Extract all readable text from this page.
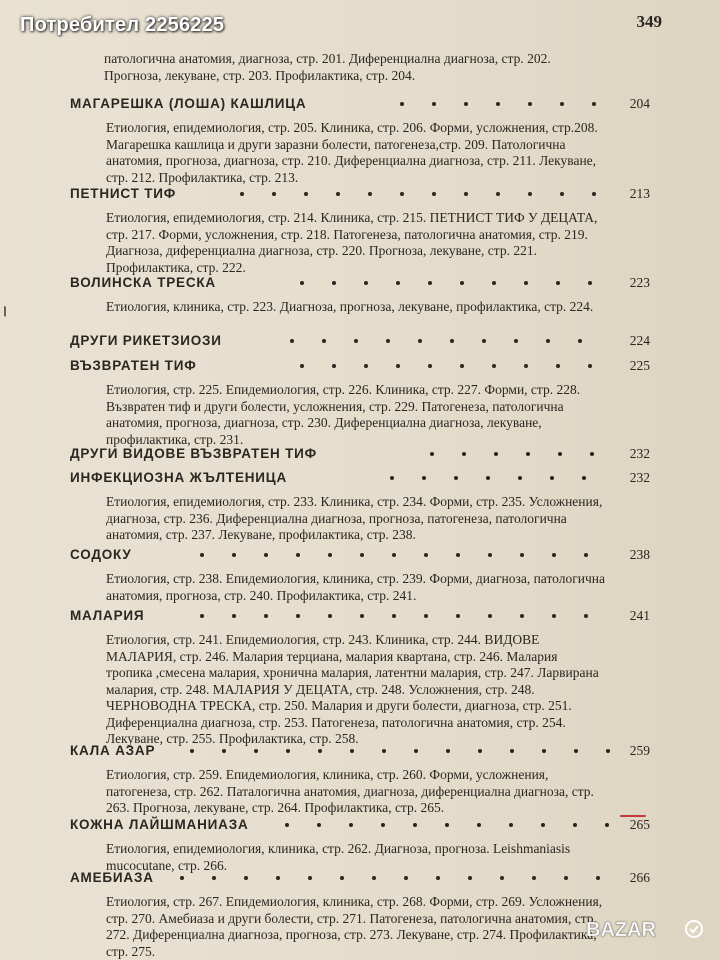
Потребител 2256225	349
патологична анатомия, диагноза, стр. 201. Диференциална диагноза, стр. 202. Прогноза, лекуване, стр. 203. Профилактика, стр. 204.
МАГАРЕШКА (ЛОША) КАШЛИЦА	204
Етиология, епидемиология, стр. 205. Клиника, стр. 206. Форми, усложнения, стр.208. Магарешка кашлица и други заразни болести, патогенеза,стр. 209. Патологична анатомия, прогноза, диагноза, стр. 210. Диференциална диагноза, стр. 211. Лекуване, стр. 212. Профилактика, стр. 213.
ПЕТНИСТ ТИФ	213
Етиология, епидемиология, стр. 214. Клиника, стр. 215. ПЕТНИСТ ТИФ У ДЕЦАТА, стр. 217. Форми, усложнения, стр. 218. Патогенеза, патологична анатомия, стр. 219. Диагноза, диференциална диагноза, стр. 220. Прогноза, лекуване, стр. 221. Профилактика, стр. 222.
ВОЛИНСКА ТРЕСКА	223
Етиология, клиника, стр. 223. Диагноза, прогноза, лекуване, профилактика, стр. 224.
ДРУГИ РИКЕТЗИОЗИ	224
ВЪЗВРАТЕН ТИФ	225
Етиология, стр. 225. Епидемиология, стр. 226. Клиника, стр. 227. Форми, стр. 228. Възвратен тиф и други болести, усложнения, стр. 229. Патогенеза, патологична анатомия, прогноза, диагноза, стр. 230. Диференциална диагноза, лекуване, профилактика, стр. 231.
ДРУГИ ВИДОВЕ ВЪЗВРАТЕН ТИФ	232
ИНФЕКЦИОЗНА ЖЪЛТЕНИЦА	232
Етиология, епидемиология, стр. 233. Клиника, стр. 234. Форми, стр. 235. Усложнения, диагноза, стр. 236. Диференциална диагноза, прогноза, патогенеза, патологична анатомия, стр. 237. Лекуване, профилактика, стр. 238.
СОДОКУ	238
Етиология, стр. 238. Епидемиология, клиника, стр. 239. Форми, диагноза, патологична анатомия, прогноза, стр. 240. Профилактика, стр. 241.
МАЛАРИЯ	241
Етиология, стр. 241. Епидемиология, стр. 243. Клиника, стр. 244. ВИДОВЕ МАЛАРИЯ, стр. 246. Малария терциана, малария квартана, стр. 246. Малария тропика ,смесена малария, хронична малария, латентни малария, стр. 247. Ларвирана малария, стр. 248. МАЛАРИЯ У ДЕЦАТА, стр. 248. Усложнения, стр. 248. ЧЕРНОВОДНА ТРЕСКА, стр. 250. Малария и други болести, диагноза, стр. 251. Диференциална диагноза, стр. 253. Патогенеза, патологична анатомия, стр. 254. Лекуване, стр. 255. Профилактика, стр. 258.
КАЛА АЗАР	259
Етиология, стр. 259. Епидемиология, клиника, стр. 260. Форми, усложнения, патогенеза, стр. 262. Паталогична анатомия, диагноза, диференциална диагноза, стр. 263. Прогноза, лекуване, стр. 264. Профилактика, стр. 265.
КОЖНА ЛАЙШМАНИАЗА	265
Етиология, епидемиология, клиника, стр. 262. Диагноза, прогноза. Leishmaniasis mucocutane, стр. 266.
АМЕБИАЗА	266
Етиология, стр. 267. Епидемиология, клиника, стр. 268. Форми, стр. 269. Усложнения, стр. 270. Амебиаза и други болести, стр. 271. Патогенеза, патологична анатомия, стр. 272. Диференциална диагноза, прогноза, стр. 273. Лекуване, стр. 274. Профилактика, стр. 275.
BAZAR
